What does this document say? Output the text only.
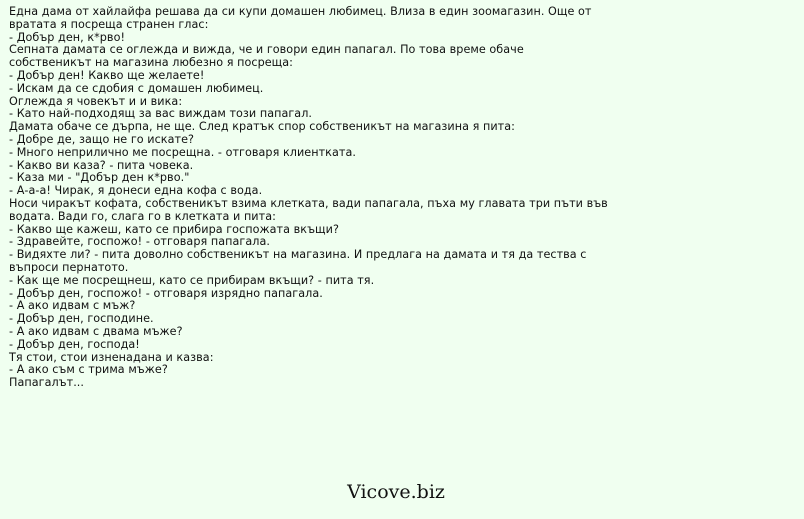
Една дама от хайлайфа решава да си купи домашен любимец. Влиза в един зоомагазин. Още от
вратата я посреща странен глас:
- Добър ден, к*рво!
Сепната дамата се оглежда и вижда, че и говори един папагал. По това време обаче
собственикът на магазина любезно я посреща:
- Добър ден! Какво ще желаете!
- Искам да се сдобия с домашен любимец.
Оглежда я човекът и и вика:
- Като най-подходящ за вас виждам този папагал.
Дамата обаче се дърпа, не ще. След кратък спор собственикът на магазина я пита:
- Добре де, защо не го искате?
- Много неприлично ме посрещна. - отговаря клиентката.
- Какво ви каза? - пита човека.
- Каза ми - "Добър ден к*рво."
- А-а-а! Чирак, я донеси една кофа с вода.
Носи чиракът кофата, собственикът взима клетката, вади папагала, пъха му главата три пъти във
водата. Вади го, слага го в клетката и пита:
- Какво ще кажеш, като се прибира госпожата вкъщи?
- Здравейте, госпожо! - отговаря папагала.
- Видяхте ли? - пита доволно собственикът на магазина. И предлага на дамата и тя да тества с
въпроси пернатото.
- Как ще ме посрещнеш, като се прибирам вкъщи? - пита тя.
- Добър ден, госпожо! - отговаря изрядно папагала.
- А ако идвам с мъж?
- Добър ден, господине.
- А ако идвам с двама мъже?
- Добър ден, господа!
Тя стои, стои изненадана и казва:
- А ако съм с трима мъже?
Папагалът...
Vicove.biz
